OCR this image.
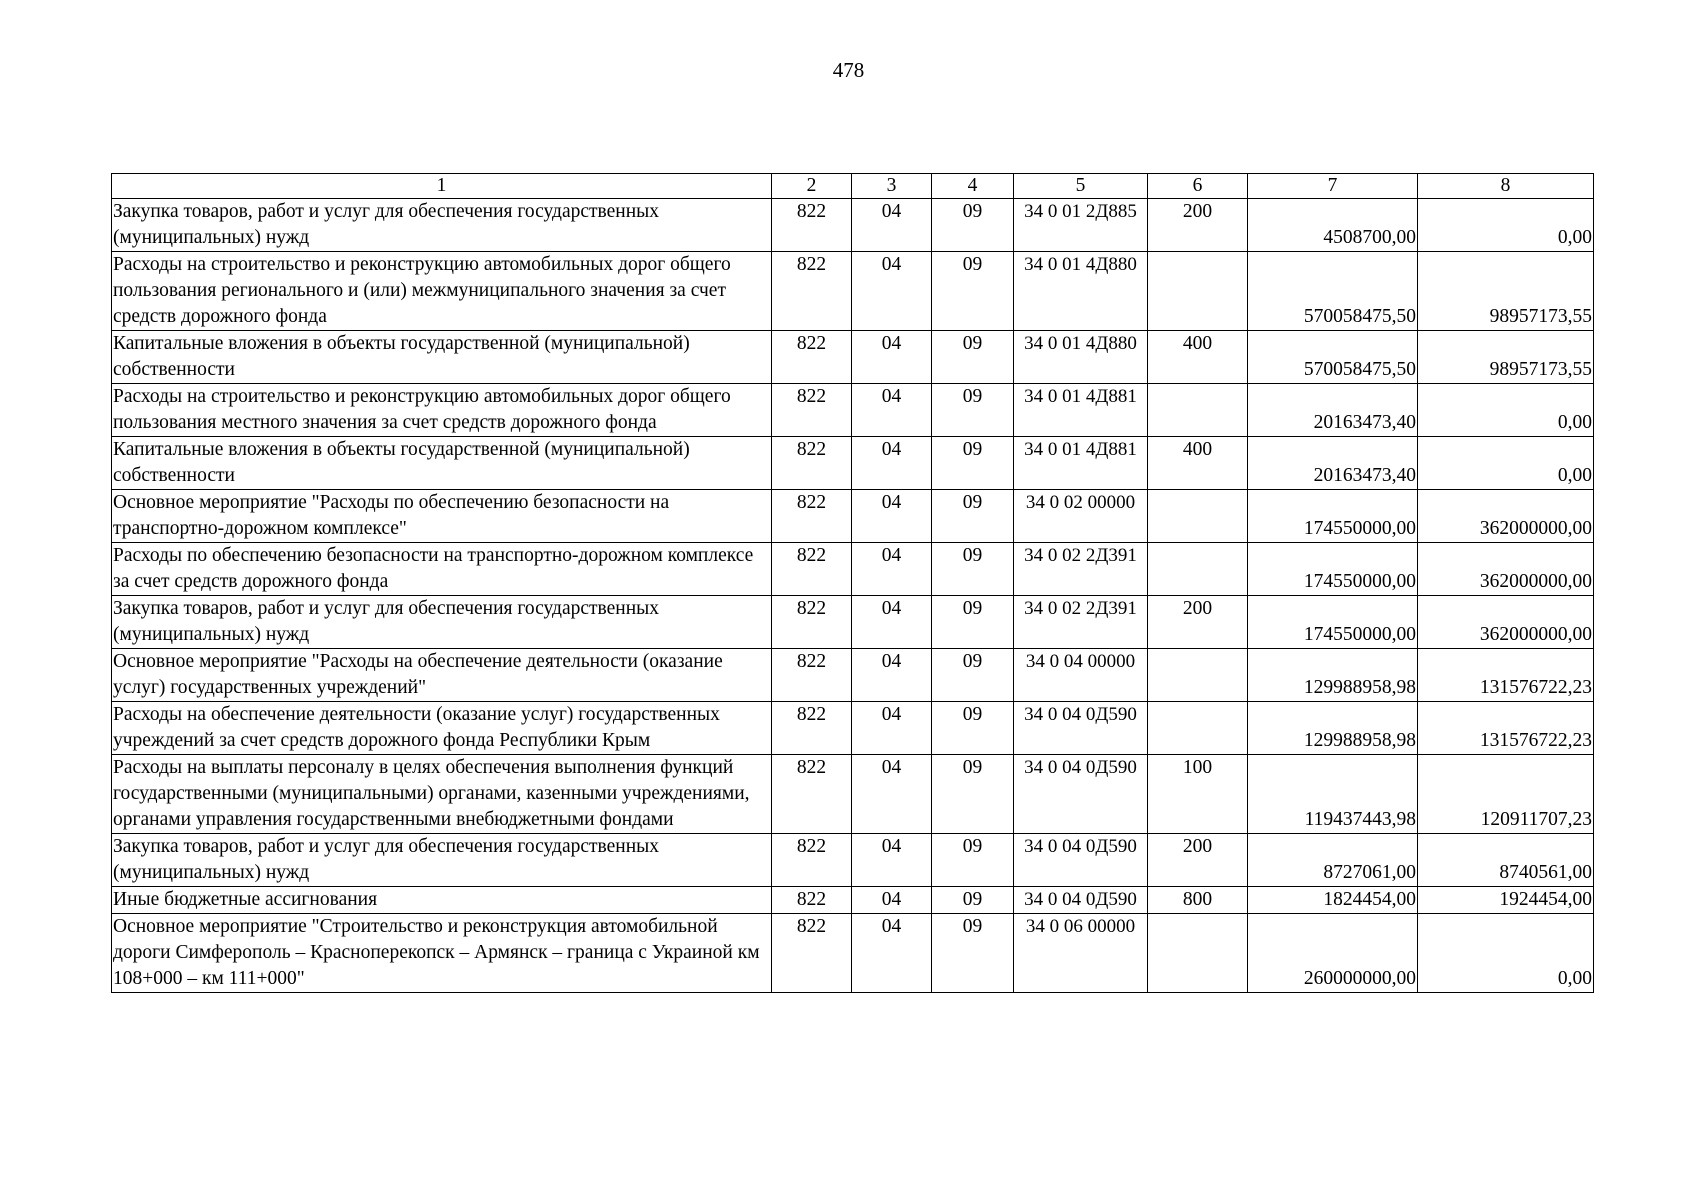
478
1	2	3	4	5	6	7	8
Закупка товаров, работ и услуг для обеспечения государственных (муниципальных) нужд	822	04	09	34 0 01 2Д885	200	4508700,00	0,00
Расходы на строительство и реконструкцию автомобильных дорог общего пользования регионального и (или) межмуниципального значения за счет средств дорожного фонда	822	04	09	34 0 01 4Д880		570058475,50	98957173,55
Капитальные вложения в объекты государственной (муниципальной) собственности	822	04	09	34 0 01 4Д880	400	570058475,50	98957173,55
Расходы на строительство и реконструкцию автомобильных дорог общего пользования местного значения за счет средств дорожного фонда	822	04	09	34 0 01 4Д881		20163473,40	0,00
Капитальные вложения в объекты государственной (муниципальной) собственности	822	04	09	34 0 01 4Д881	400	20163473,40	0,00
Основное мероприятие "Расходы по обеспечению безопасности на транспортно-дорожном комплексе"	822	04	09	34 0 02 00000		174550000,00	362000000,00
Расходы по обеспечению безопасности на транспортно-дорожном комплексе за счет средств дорожного фонда	822	04	09	34 0 02 2Д391		174550000,00	362000000,00
Закупка товаров, работ и услуг для обеспечения государственных (муниципальных) нужд	822	04	09	34 0 02 2Д391	200	174550000,00	362000000,00
Основное мероприятие "Расходы на обеспечение деятельности (оказание услуг) государственных учреждений"	822	04	09	34 0 04 00000		129988958,98	131576722,23
Расходы на обеспечение деятельности (оказание услуг) государственных учреждений за счет средств дорожного фонда Республики Крым	822	04	09	34 0 04 0Д590		129988958,98	131576722,23
Расходы на выплаты персоналу в целях обеспечения выполнения функций государственными (муниципальными) органами, казенными учреждениями, органами управления государственными внебюджетными фондами	822	04	09	34 0 04 0Д590	100	119437443,98	120911707,23
Закупка товаров, работ и услуг для обеспечения государственных (муниципальных) нужд	822	04	09	34 0 04 0Д590	200	8727061,00	8740561,00
Иные бюджетные ассигнования	822	04	09	34 0 04 0Д590	800	1824454,00	1924454,00
Основное мероприятие "Строительство и реконструкция автомобильной дороги Симферополь – Красноперекопск – Армянск – граница с Украиной км 108+000 – км 111+000"	822	04	09	34 0 06 00000		260000000,00	0,00
